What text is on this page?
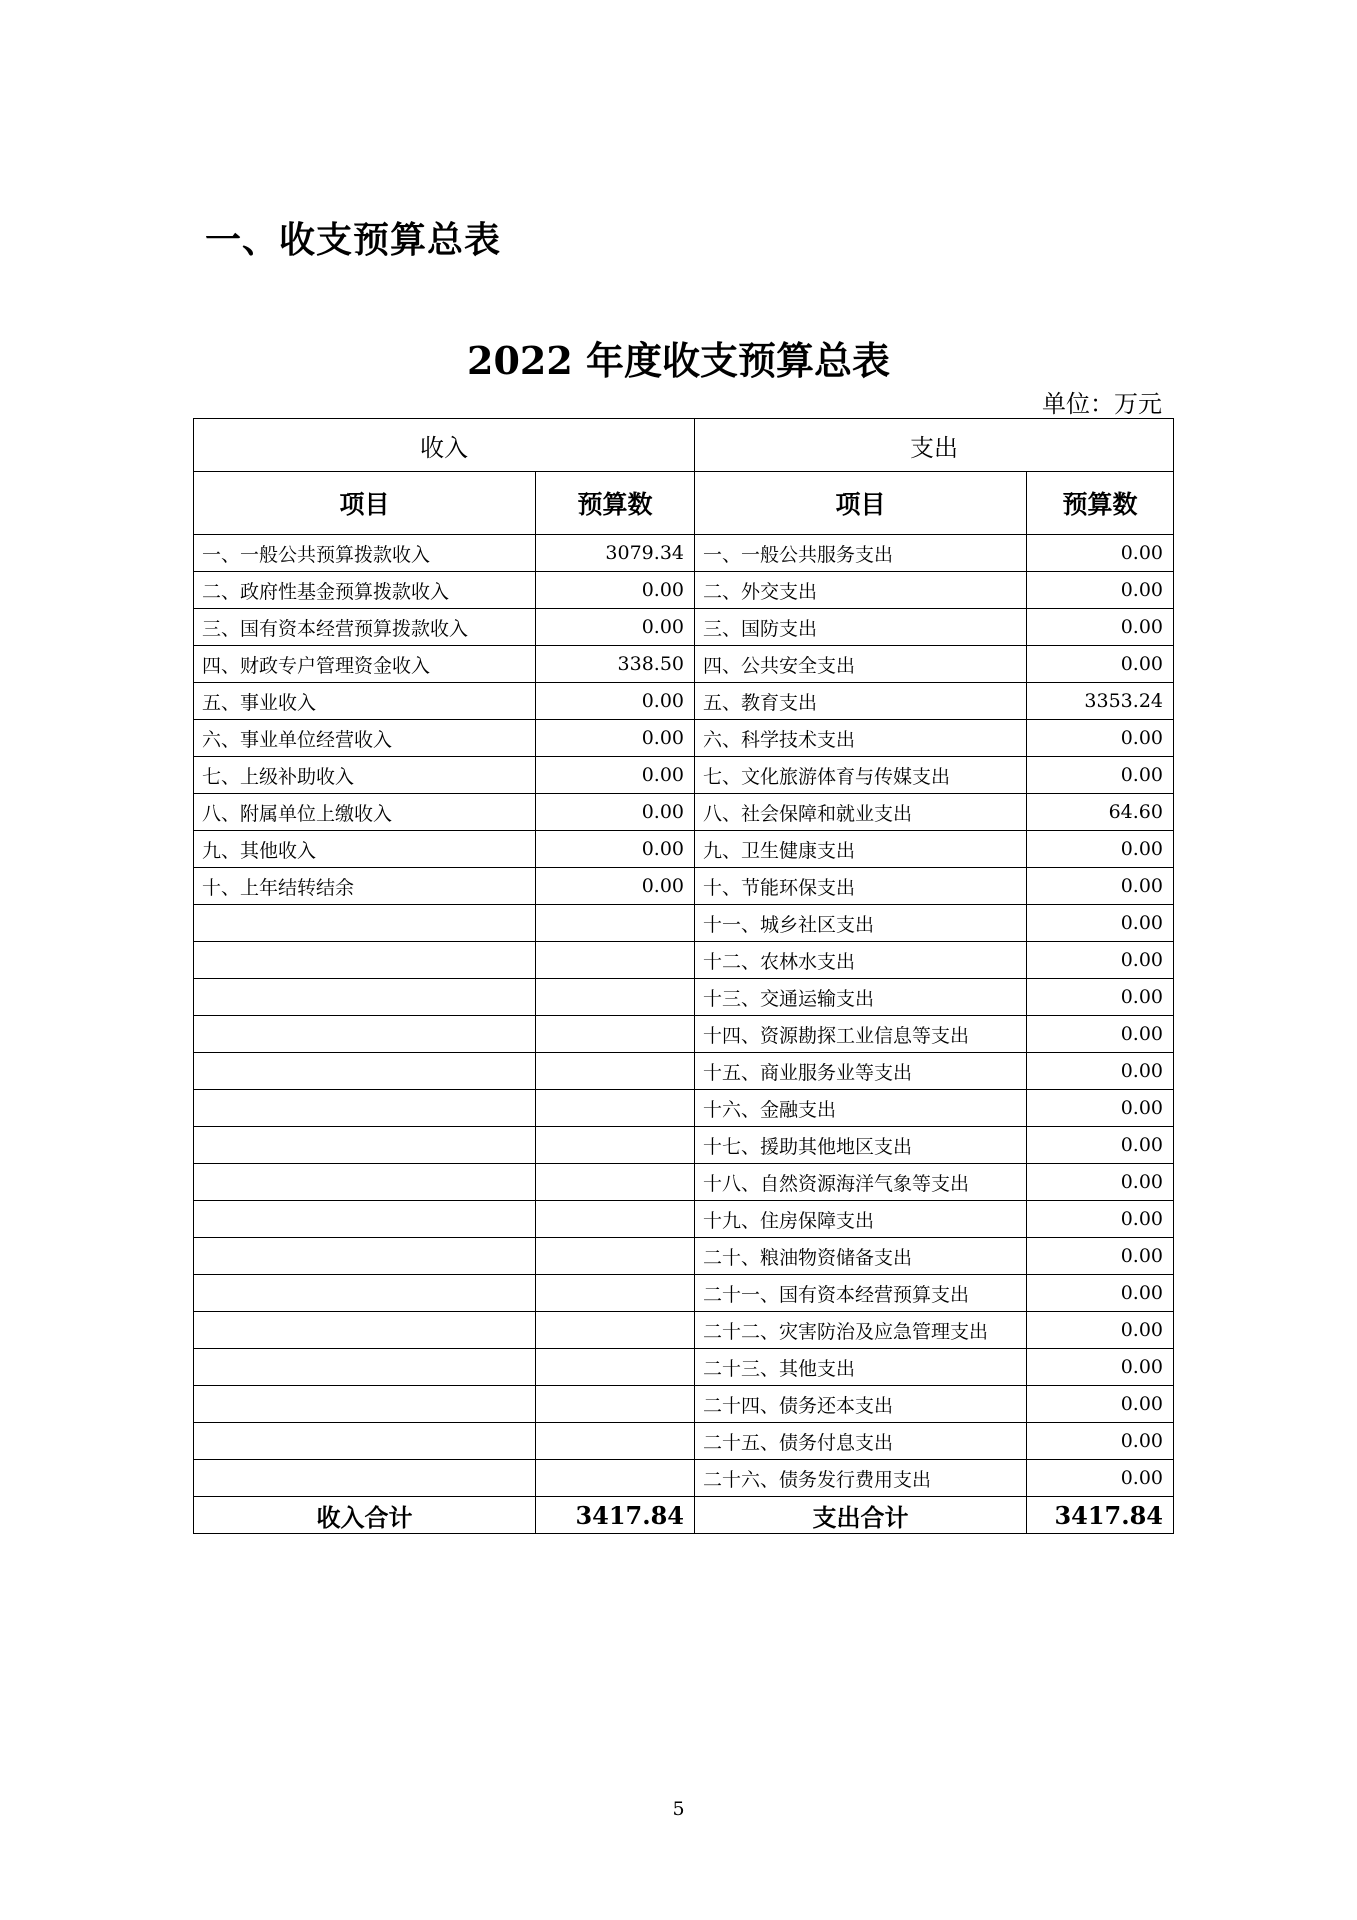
一、收支预算总表
2022 年度收支预算总表
单位：万元
收入		支出	
项目	预算数	项目	预算数
一、一般公共预算拨款收入	3079.34	一、一般公共服务支出	0.00
二、政府性基金预算拨款收入	0.00	二、外交支出	0.00
三、国有资本经营预算拨款收入	0.00	三、国防支出	0.00
四、财政专户管理资金收入	338.50	四、公共安全支出	0.00
五、事业收入	0.00	五、教育支出	3353.24
六、事业单位经营收入	0.00	六、科学技术支出	0.00
七、上级补助收入	0.00	七、文化旅游体育与传媒支出	0.00
八、附属单位上缴收入	0.00	八、社会保障和就业支出	64.60
九、其他收入	0.00	九、卫生健康支出	0.00
十、上年结转结余	0.00	十、节能环保支出	0.00
		十一、城乡社区支出	0.00
		十二、农林水支出	0.00
		十三、交通运输支出	0.00
		十四、资源勘探工业信息等支出	0.00
		十五、商业服务业等支出	0.00
		十六、金融支出	0.00
		十七、援助其他地区支出	0.00
		十八、自然资源海洋气象等支出	0.00
		十九、住房保障支出	0.00
		二十、粮油物资储备支出	0.00
		二十一、国有资本经营预算支出	0.00
		二十二、灾害防治及应急管理支出	0.00
		二十三、其他支出	0.00
		二十四、债务还本支出	0.00
		二十五、债务付息支出	0.00
		二十六、债务发行费用支出	0.00
收入合计	3417.84	支出合计	3417.84
5
